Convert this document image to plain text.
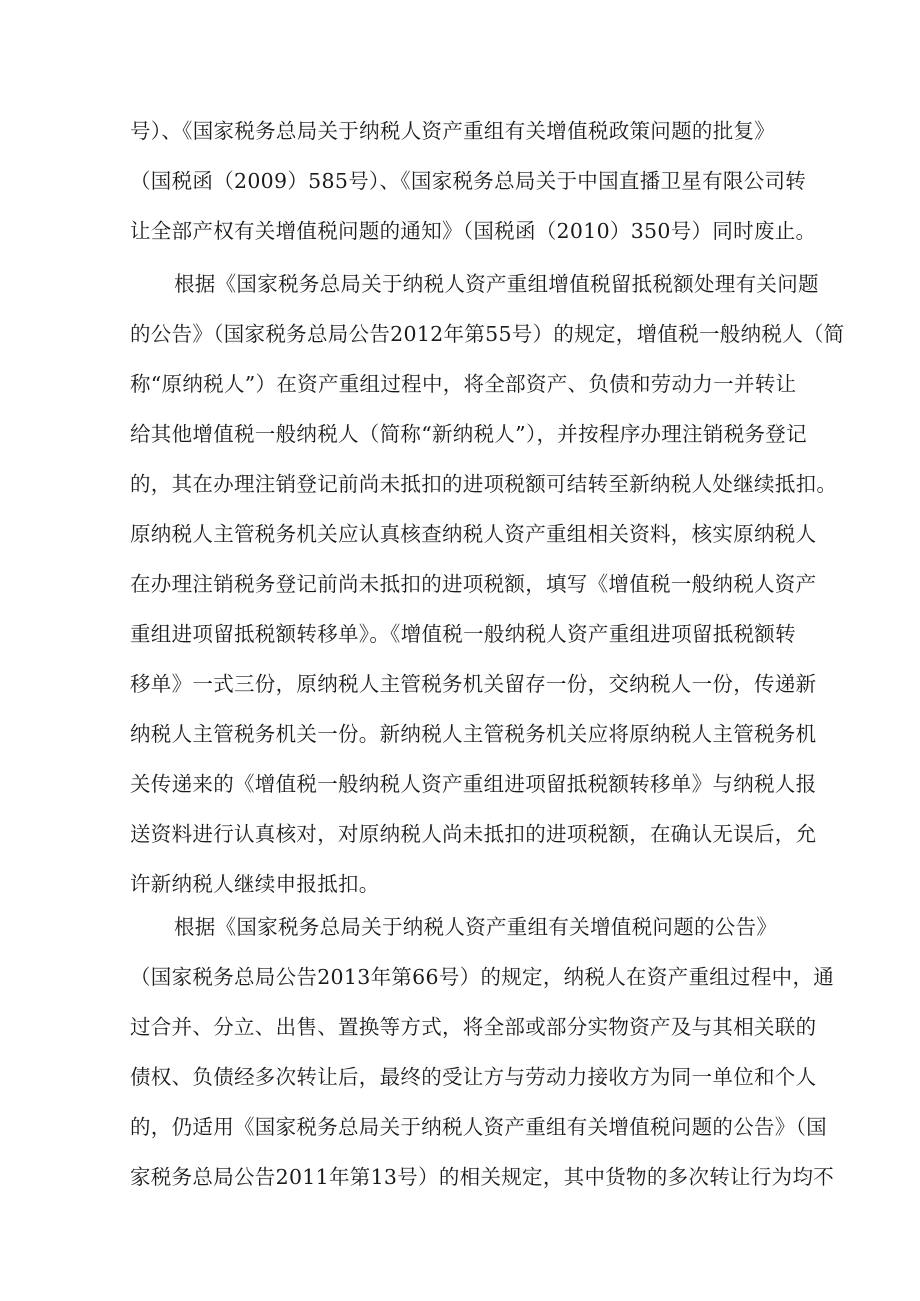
号）、《国家税务总局关于纳税人资产重组有关增值税政策问题的批复》
（国税函（2009）585号）、《国家税务总局关于中国直播卫星有限公司转
让全部产权有关增值税问题的通知》（国税函（2010）350号）同时废止。
根据《国家税务总局关于纳税人资产重组增值税留抵税额处理有关问题
的公告》（国家税务总局公告2012年第55号）的规定，增值税一般纳税人（简
称“原纳税人”）在资产重组过程中，将全部资产、负债和劳动力一并转让
给其他增值税一般纳税人（简称“新纳税人”），并按程序办理注销税务登记
的，其在办理注销登记前尚未抵扣的进项税额可结转至新纳税人处继续抵扣。
原纳税人主管税务机关应认真核查纳税人资产重组相关资料，核实原纳税人
在办理注销税务登记前尚未抵扣的进项税额，填写《增值税一般纳税人资产
重组进项留抵税额转移单》。《增值税一般纳税人资产重组进项留抵税额转
移单》一式三份，原纳税人主管税务机关留存一份，交纳税人一份，传递新
纳税人主管税务机关一份。新纳税人主管税务机关应将原纳税人主管税务机
关传递来的《增值税一般纳税人资产重组进项留抵税额转移单》与纳税人报
送资料进行认真核对，对原纳税人尚未抵扣的进项税额，在确认无误后，允
许新纳税人继续申报抵扣。
根据《国家税务总局关于纳税人资产重组有关增值税问题的公告》
（国家税务总局公告2013年第66号）的规定，纳税人在资产重组过程中，通
过合并、分立、出售、置换等方式，将全部或部分实物资产及与其相关联的
债权、负债经多次转让后，最终的受让方与劳动力接收方为同一单位和个人
的，仍适用《国家税务总局关于纳税人资产重组有关增值税问题的公告》（国
家税务总局公告2011年第13号）的相关规定，其中货物的多次转让行为均不
